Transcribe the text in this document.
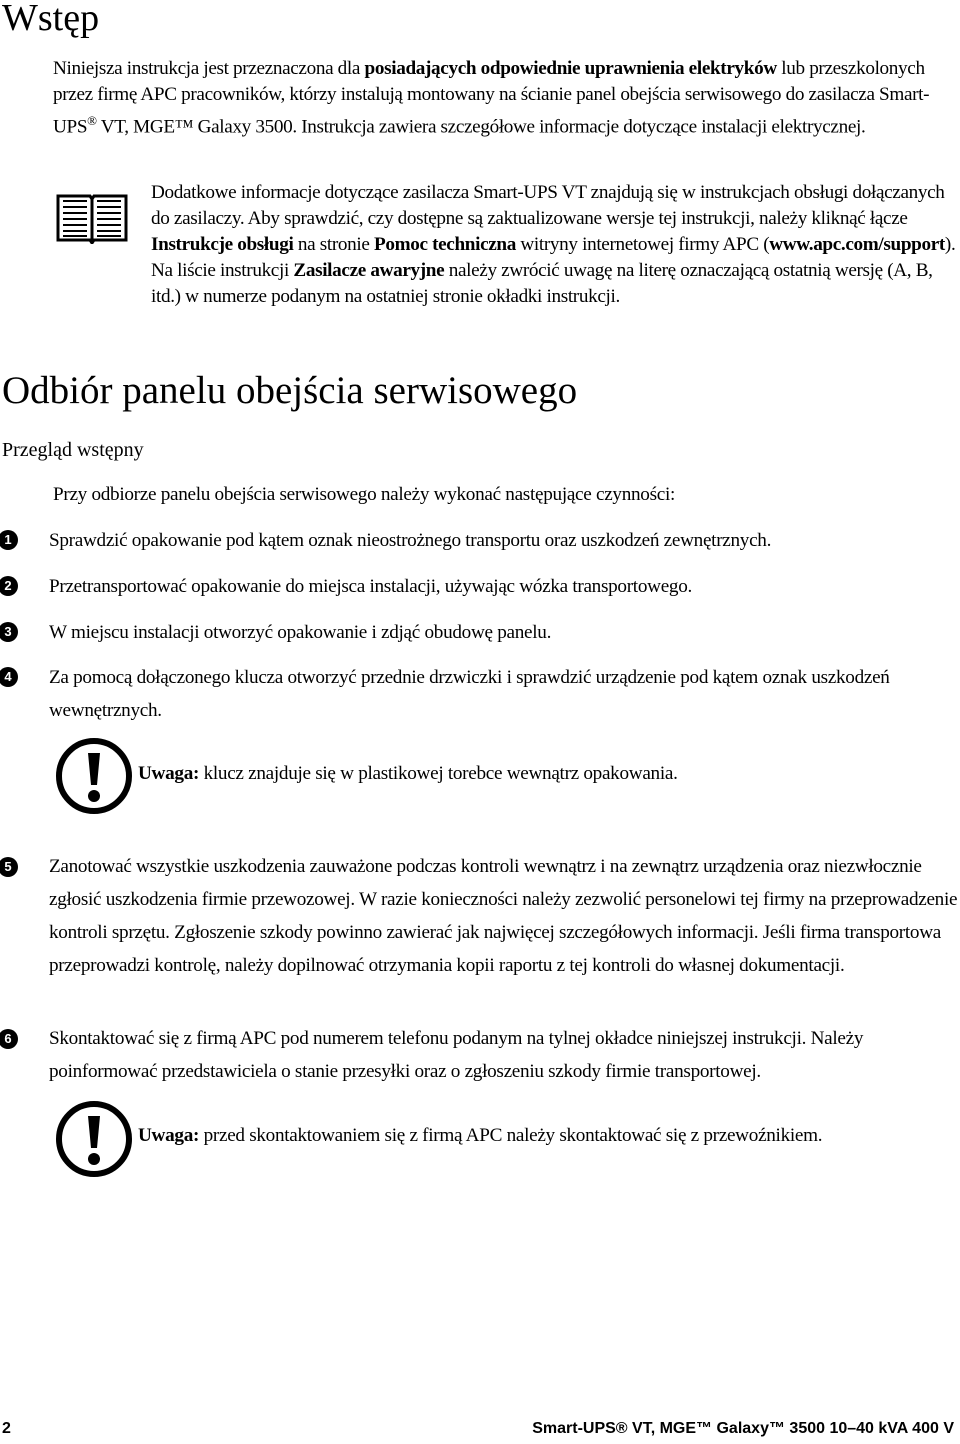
Wstęp
Niniejsza instrukcja jest przeznaczona dla posiadających odpowiednie uprawnienia elektryków lub przeszkolonych przez firmę APC pracowników, którzy instalują montowany na ścianie panel obejścia serwisowego do zasilacza Smart-UPS® VT, MGE™ Galaxy 3500. Instrukcja zawiera szczegółowe informacje dotyczące instalacji elektrycznej.
Dodatkowe informacje dotyczące zasilacza Smart-UPS VT znajdują się w instrukcjach obsługi dołączanych do zasilaczy. Aby sprawdzić, czy dostępne są zaktualizowane wersje tej instrukcji, należy kliknąć łącze Instrukcje obsługi na stronie Pomoc techniczna witryny internetowej firmy APC (www.apc.com/support). Na liście instrukcji Zasilacze awaryjne należy zwrócić uwagę na literę oznaczającą ostatnią wersję (A, B, itd.) w numerze podanym na ostatniej stronie okładki instrukcji.
Odbiór panelu obejścia serwisowego
Przegląd wstępny
Przy odbiorze panelu obejścia serwisowego należy wykonać następujące czynności:
1	Sprawdzić opakowanie pod kątem oznak nieostrożnego transportu oraz uszkodzeń zewnętrznych.
2	Przetransportować opakowanie do miejsca instalacji, używając wózka transportowego.
3	W miejscu instalacji otworzyć opakowanie i zdjąć obudowę panelu.
4	Za pomocą dołączonego klucza otworzyć przednie drzwiczki i sprawdzić urządzenie pod kątem oznak uszkodzeń wewnętrznych.
Uwaga: klucz znajduje się w plastikowej torebce wewnątrz opakowania.
5	Zanotować wszystkie uszkodzenia zauważone podczas kontroli wewnątrz i na zewnątrz urządzenia oraz niezwłocznie zgłosić uszkodzenia firmie przewozowej. W razie konieczności należy zezwolić personelowi tej firmy na przeprowadzenie kontroli sprzętu. Zgłoszenie szkody powinno zawierać jak najwięcej szczegółowych informacji. Jeśli firma transportowa przeprowadzi kontrolę, należy dopilnować otrzymania kopii raportu z tej kontroli do własnej dokumentacji.
6	Skontaktować się z firmą APC pod numerem telefonu podanym na tylnej okładce niniejszej instrukcji. Należy poinformować przedstawiciela o stanie przesyłki oraz o zgłoszeniu szkody firmie transportowej.
Uwaga: przed skontaktowaniem się z firmą APC należy skontaktować się z przewoźnikiem.
2	Smart-UPS® VT, MGE™ Galaxy™ 3500 10–40 kVA 400 V
